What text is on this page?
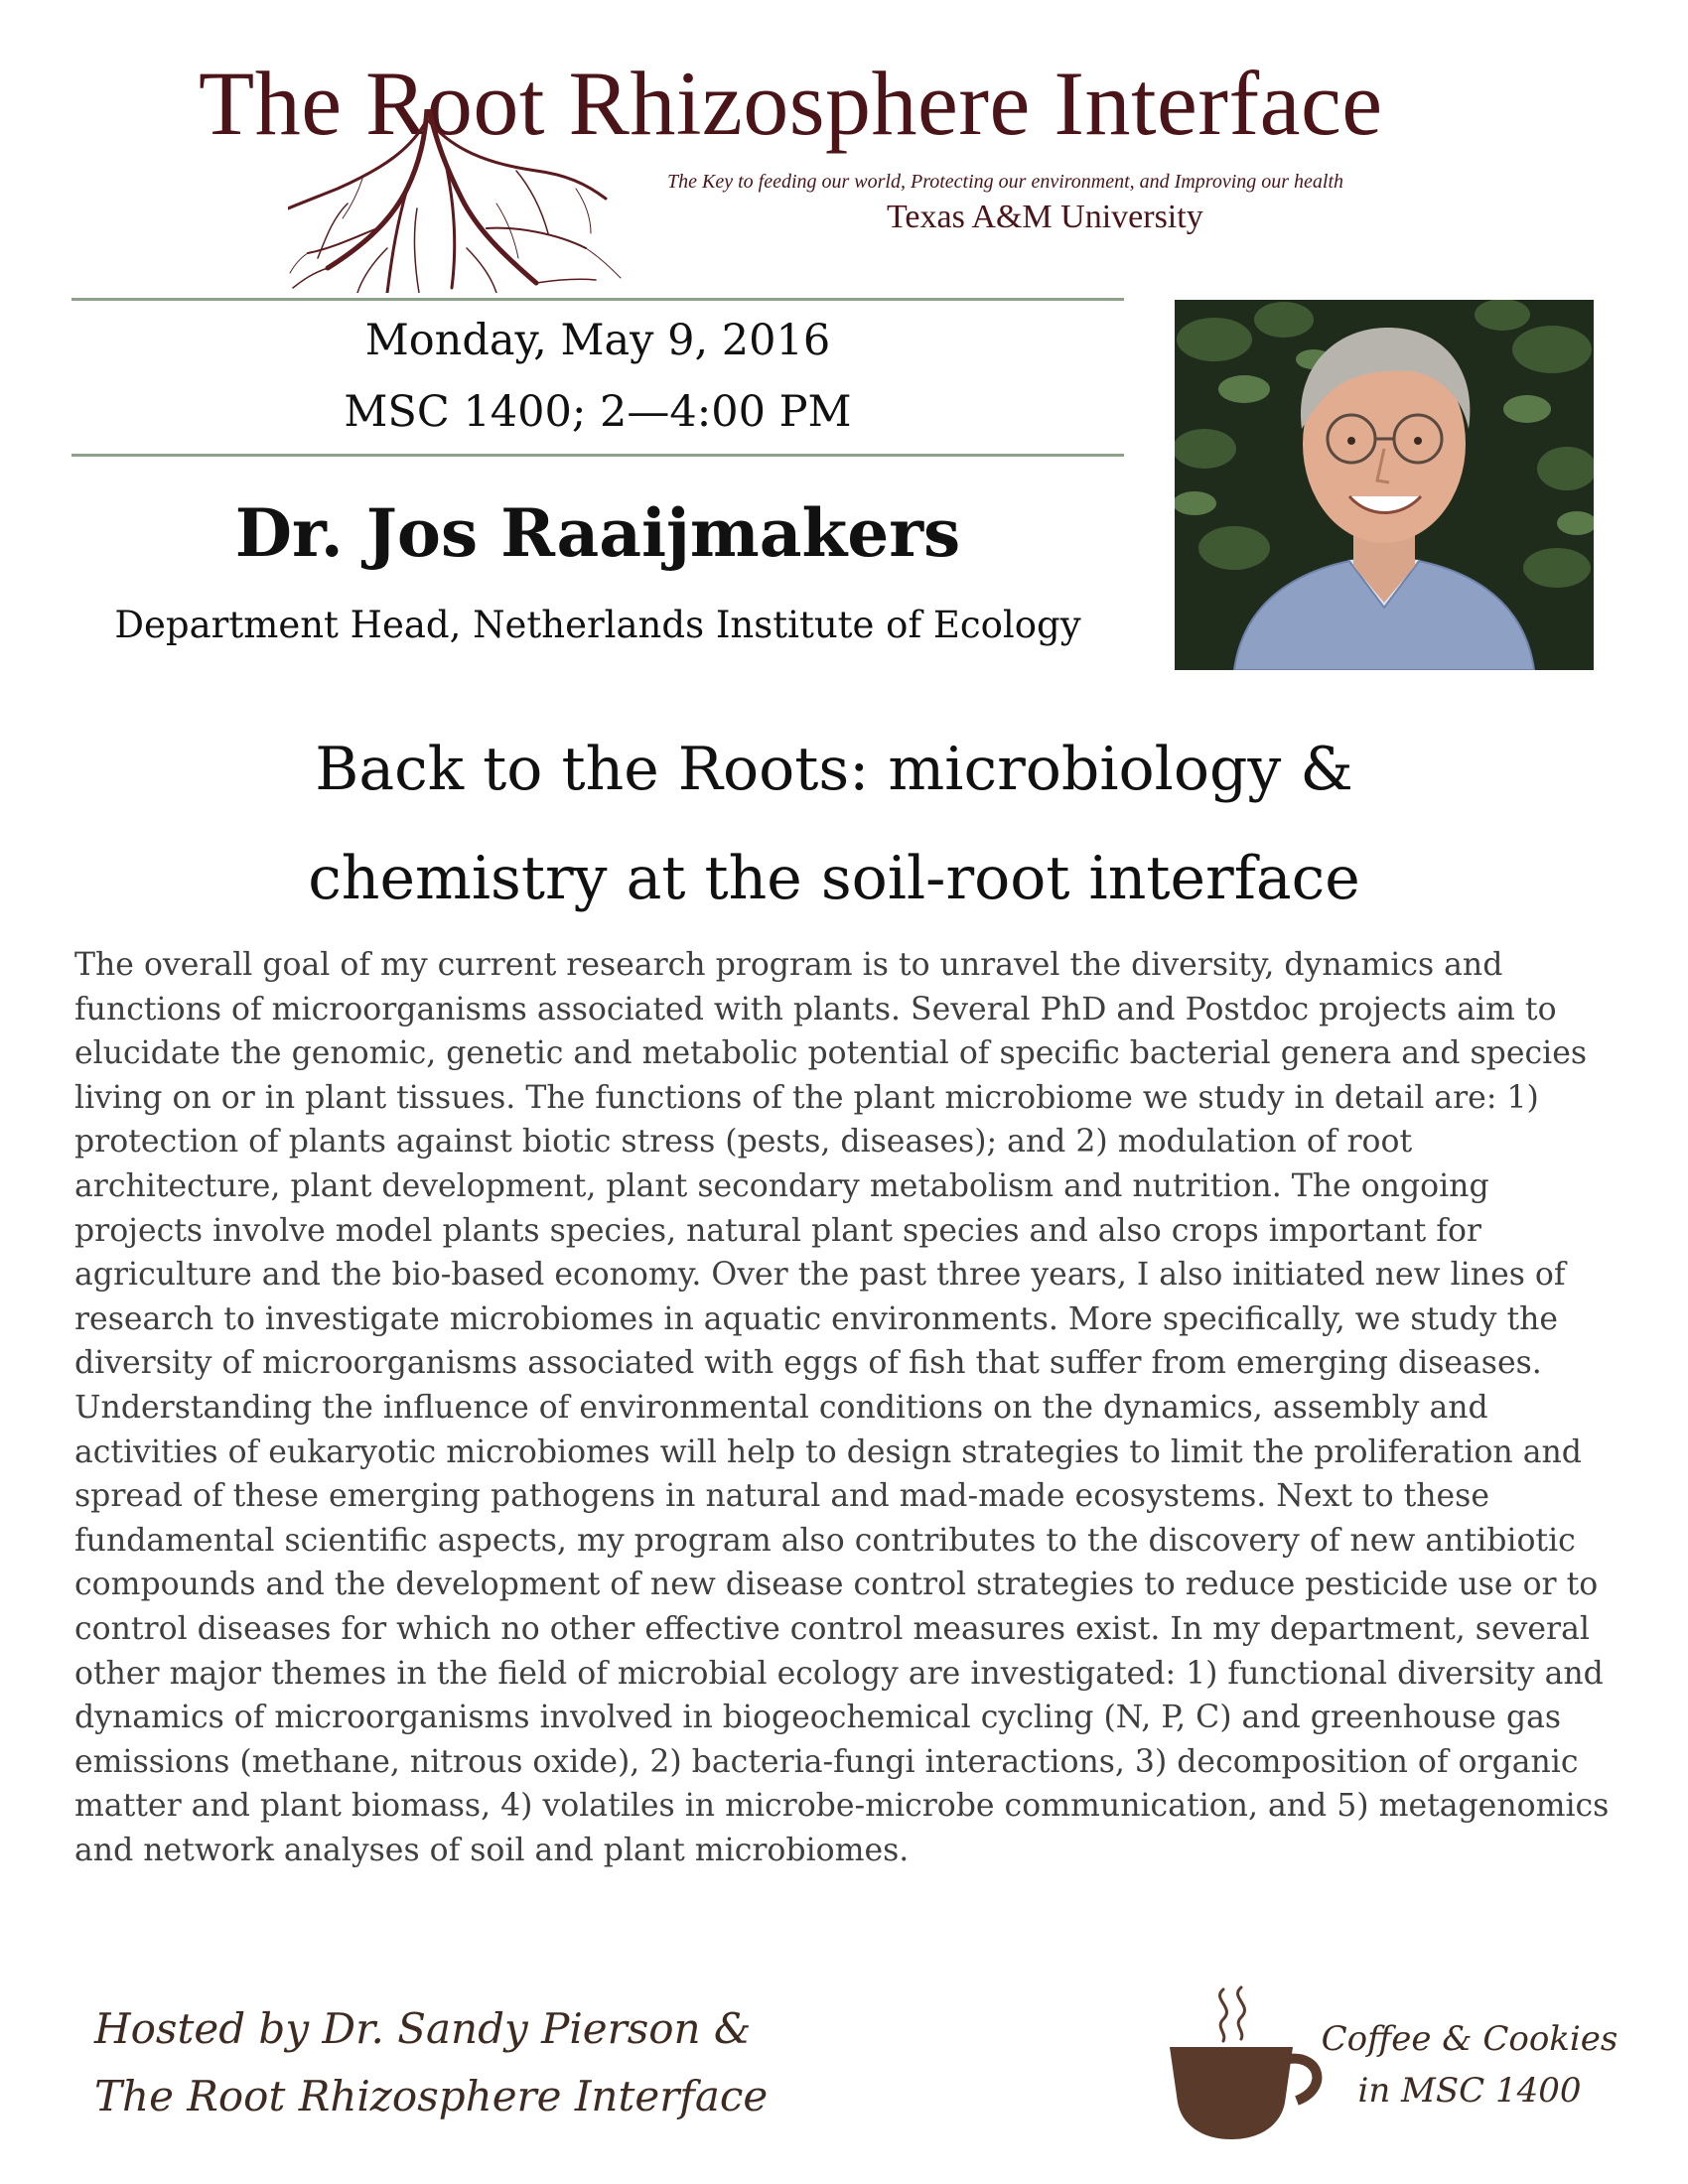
The Root Rhizosphere Interface
The Key to feeding our world, Protecting our environment, and Improving our health
Texas A&M University
Monday, May 9, 2016
MSC 1400; 2—4:00 PM
Dr. Jos Raaijmakers
Department Head, Netherlands Institute of Ecology
Back to the Roots: microbiology &
chemistry at the soil-root interface
The overall goal of my current research program is to unravel the diversity, dynamics and functions of microorganisms associated with plants. Several PhD and Postdoc projects aim to elucidate the genomic, genetic and metabolic potential of specific bacterial genera and species living on or in plant tissues. The functions of the plant microbiome we study in detail are: 1) protection of plants against biotic stress (pests, diseases); and 2) modulation of root architecture, plant development, plant secondary metabolism and nutrition. The ongoing projects involve model plants species, natural plant species and also crops important for agriculture and the bio-based economy. Over the past three years, I also initiated new lines of research to investigate microbiomes in aquatic environments. More specifically, we study the diversity of microorganisms associated with eggs of fish that suffer from emerging diseases. Understanding the influence of environmental conditions on the dynamics, assembly and activities of eukaryotic microbiomes will help to design strategies to limit the proliferation and spread of these emerging pathogens in natural and mad-made ecosystems. Next to these fundamental scientific aspects, my program also contributes to the discovery of new antibiotic compounds and the development of new disease control strategies to reduce pesticide use or to control diseases for which no other effective control measures exist. In my department, several other major themes in the field of microbial ecology are investigated: 1) functional diversity and dynamics of microorganisms involved in biogeochemical cycling (N, P, C) and greenhouse gas emissions (methane, nitrous oxide), 2) bacteria-fungi interactions, 3) decomposition of organic matter and plant biomass, 4) volatiles in microbe-microbe communication, and 5) metagenomics and network analyses of soil and plant microbiomes.
Hosted by Dr. Sandy Pierson &
The Root Rhizosphere Interface
Coffee & Cookies
in MSC 1400
